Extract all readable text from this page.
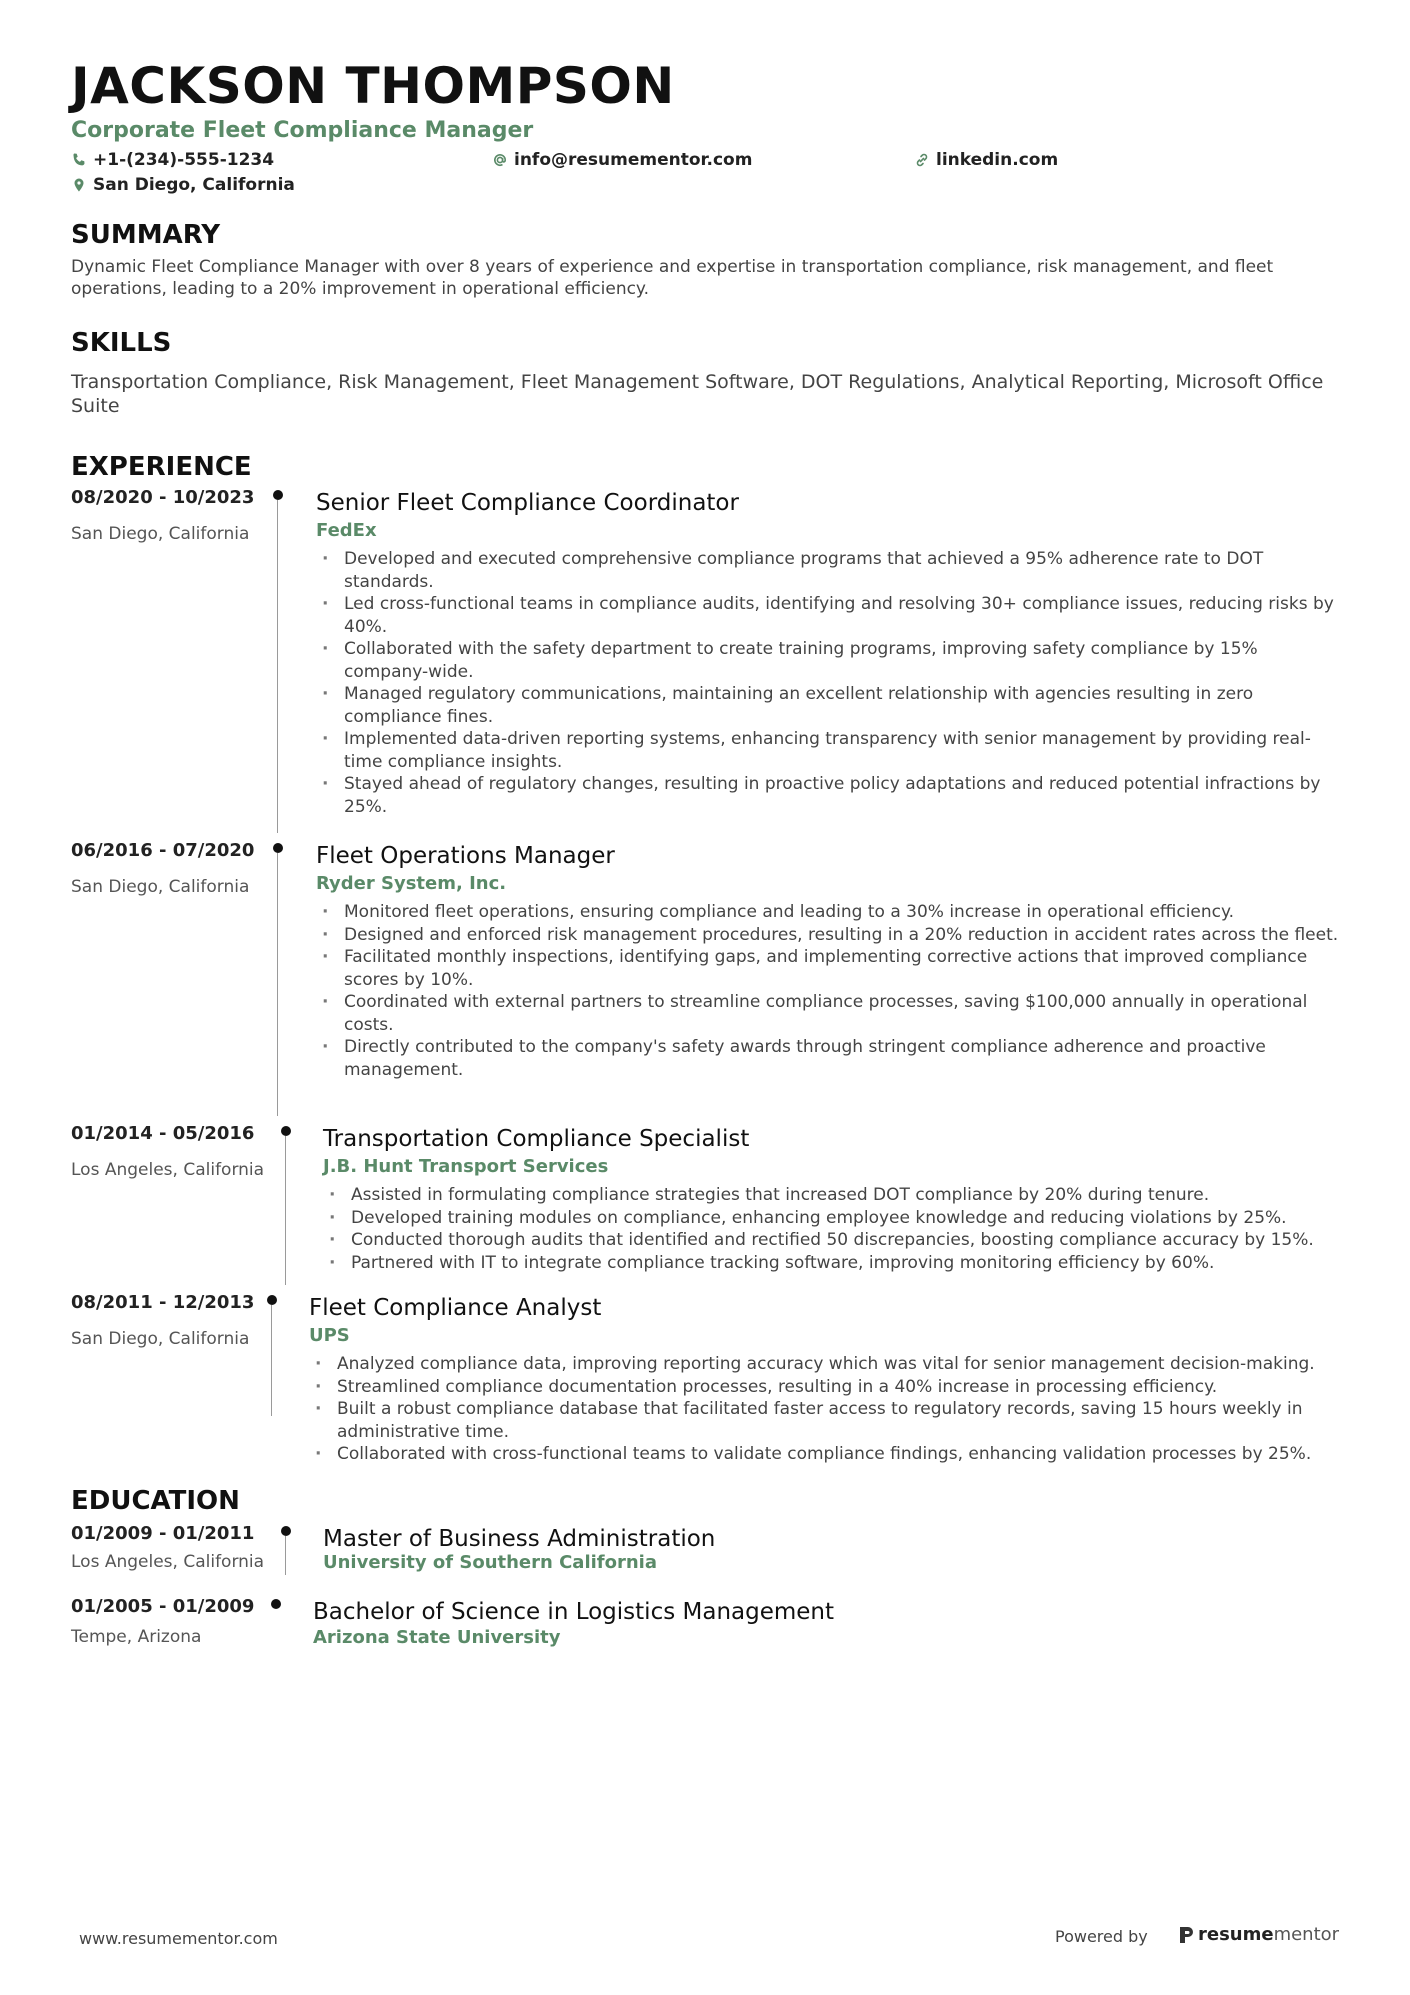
JACKSON THOMPSON
Corporate Fleet Compliance Manager
+1-(234)-555-1234	info@resumementor.com	linkedin.com
San Diego, California
SUMMARY
Dynamic Fleet Compliance Manager with over 8 years of experience and expertise in transportation compliance, risk management, and fleet operations, leading to a 20% improvement in operational efficiency.
SKILLS
Transportation Compliance, Risk Management, Fleet Management Software, DOT Regulations, Analytical Reporting, Microsoft Office Suite
EXPERIENCE
08/2020 - 10/2023
San Diego, California
Senior Fleet Compliance Coordinator
FedEx
· Developed and executed comprehensive compliance programs that achieved a 95% adherence rate to DOT standards.
· Led cross-functional teams in compliance audits, identifying and resolving 30+ compliance issues, reducing risks by 40%.
· Collaborated with the safety department to create training programs, improving safety compliance by 15% company-wide.
· Managed regulatory communications, maintaining an excellent relationship with agencies resulting in zero compliance fines.
· Implemented data-driven reporting systems, enhancing transparency with senior management by providing real-time compliance insights.
· Stayed ahead of regulatory changes, resulting in proactive policy adaptations and reduced potential infractions by 25%.
06/2016 - 07/2020
San Diego, California
Fleet Operations Manager
Ryder System, Inc.
· Monitored fleet operations, ensuring compliance and leading to a 30% increase in operational efficiency.
· Designed and enforced risk management procedures, resulting in a 20% reduction in accident rates across the fleet.
· Facilitated monthly inspections, identifying gaps, and implementing corrective actions that improved compliance scores by 10%.
· Coordinated with external partners to streamline compliance processes, saving $100,000 annually in operational costs.
· Directly contributed to the company's safety awards through stringent compliance adherence and proactive management.
01/2014 - 05/2016
Los Angeles, California
Transportation Compliance Specialist
J.B. Hunt Transport Services
· Assisted in formulating compliance strategies that increased DOT compliance by 20% during tenure.
· Developed training modules on compliance, enhancing employee knowledge and reducing violations by 25%.
· Conducted thorough audits that identified and rectified 50 discrepancies, boosting compliance accuracy by 15%.
· Partnered with IT to integrate compliance tracking software, improving monitoring efficiency by 60%.
08/2011 - 12/2013
San Diego, California
Fleet Compliance Analyst
UPS
· Analyzed compliance data, improving reporting accuracy which was vital for senior management decision-making.
· Streamlined compliance documentation processes, resulting in a 40% increase in processing efficiency.
· Built a robust compliance database that facilitated faster access to regulatory records, saving 15 hours weekly in administrative time.
· Collaborated with cross-functional teams to validate compliance findings, enhancing validation processes by 25%.
EDUCATION
01/2009 - 01/2011
Los Angeles, California
Master of Business Administration
University of Southern California
01/2005 - 01/2009
Tempe, Arizona
Bachelor of Science in Logistics Management
Arizona State University
www.resumementor.com	Powered by	resumementor
